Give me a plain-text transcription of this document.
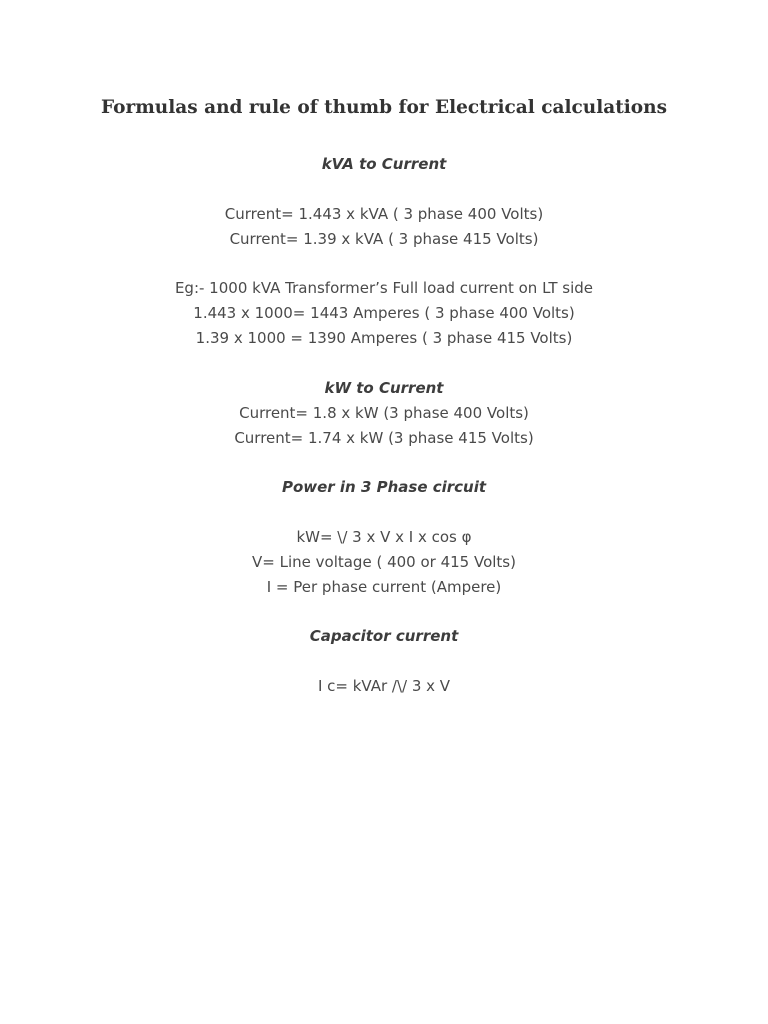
Formulas and rule of thumb for Electrical calculations
kVA to Current
Current= 1.443 x kVA ( 3 phase 400 Volts)
Current= 1.39 x kVA ( 3 phase 415 Volts)
Eg:- 1000 kVA Transformer’s Full load current on LT side
1.443 x 1000= 1443 Amperes ( 3 phase 400 Volts)
1.39 x 1000 = 1390 Amperes ( 3 phase 415 Volts)
kW to Current
Current= 1.8 x kW (3 phase 400 Volts)
Current= 1.74 x kW (3 phase 415 Volts)
Power in 3 Phase circuit
kW= \/ 3 x V x I x cos φ
V= Line voltage ( 400 or 415 Volts)
I = Per phase current (Ampere)
Capacitor current
I c= kVAr /\/ 3 x V
